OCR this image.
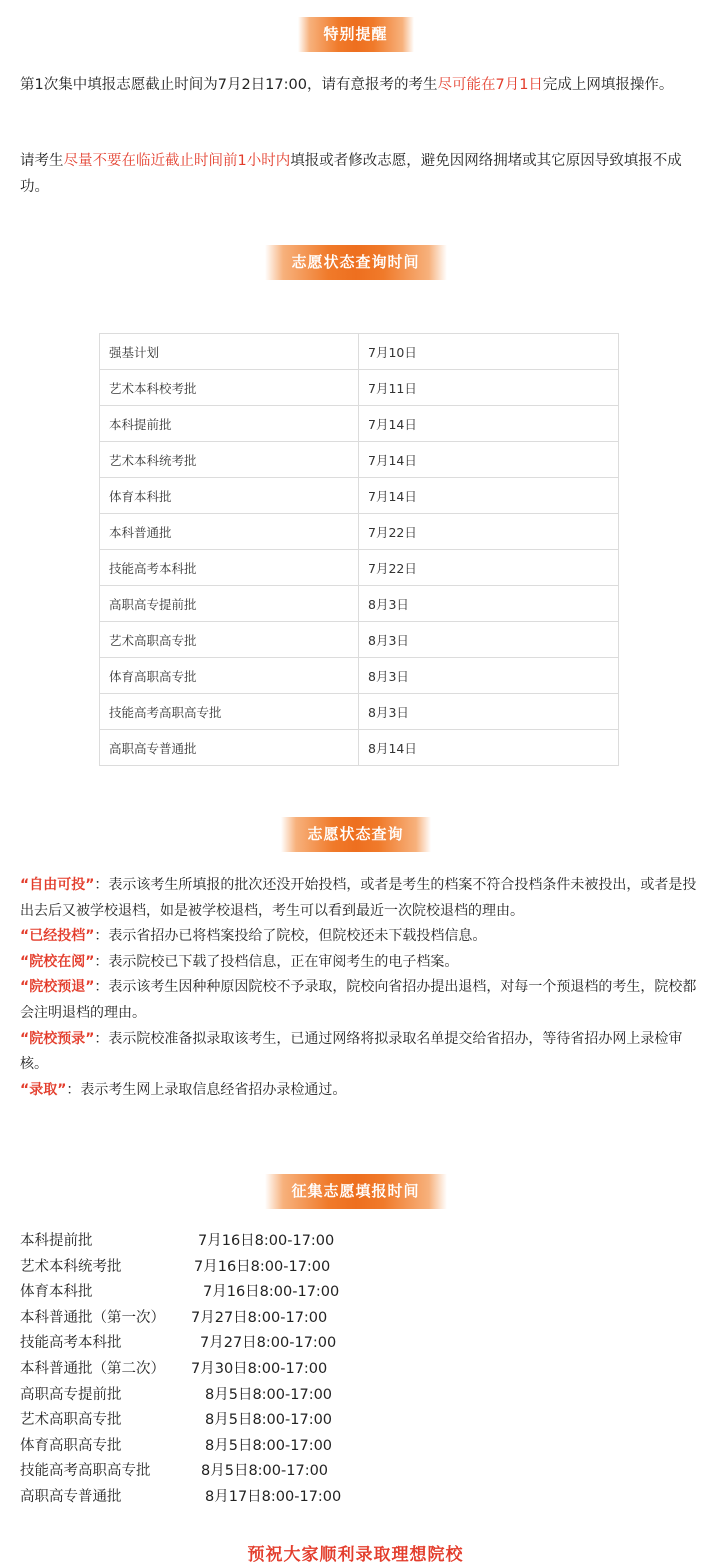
特别提醒

第1次集中填报志愿截止时间为7月2日17:00，请有意报考的考生尽可能在7月1日完成上网填报操作。

请考生尽量不要在临近截止时间前1小时内填报或者修改志愿，避免因网络拥堵或其它原因导致填报不成功。

志愿状态查询时间
强基计划	7月10日
艺术本科校考批	7月11日
本科提前批	7月14日
艺术本科统考批	7月14日
体育本科批	7月14日
本科普通批	7月22日
技能高考本科批	7月22日
高职高专提前批	8月3日
艺术高职高专批	8月3日
体育高职高专批	8月3日
技能高考高职高专批	8月3日
高职高专普通批	8月14日
志愿状态查询
“自由可投”：表示该考生所填报的批次还没开始投档，或者是考生的档案不符合投档条件未被投出，或者是投出去后又被学校退档，如是被学校退档，考生可以看到最近一次院校退档的理由。
“已经投档”：表示省招办已将档案投给了院校，但院校还未下载投档信息。
“院校在阅”：表示院校已下载了投档信息，正在审阅考生的电子档案。
“院校预退”：表示该考生因种种原因院校不予录取，院校向省招办提出退档，对每一个预退档的考生，院校都会注明退档的理由。
“院校预录”：表示院校准备拟录取该考生，已通过网络将拟录取名单提交给省招办，等待省招办网上录检审核。
“录取”：表示考生网上录取信息经省招办录检通过。
征集志愿填报时间
本科提前批	7月16日8:00-17:00
艺术本科统考批	7月16日8:00-17:00
体育本科批	7月16日8:00-17:00
本科普通批（第一次） 7月27日8:00-17:00
技能高考本科批	7月27日8:00-17:00
本科普通批（第二次） 7月30日8:00-17:00
高职高专提前批	8月5日8:00-17:00
艺术高职高专批	8月5日8:00-17:00
体育高职高专批	8月5日8:00-17:00
技能高考高职高专批	8月5日8:00-17:00
高职高专普通批	8月17日8:00-17:00
预祝大家顺利录取理想院校
